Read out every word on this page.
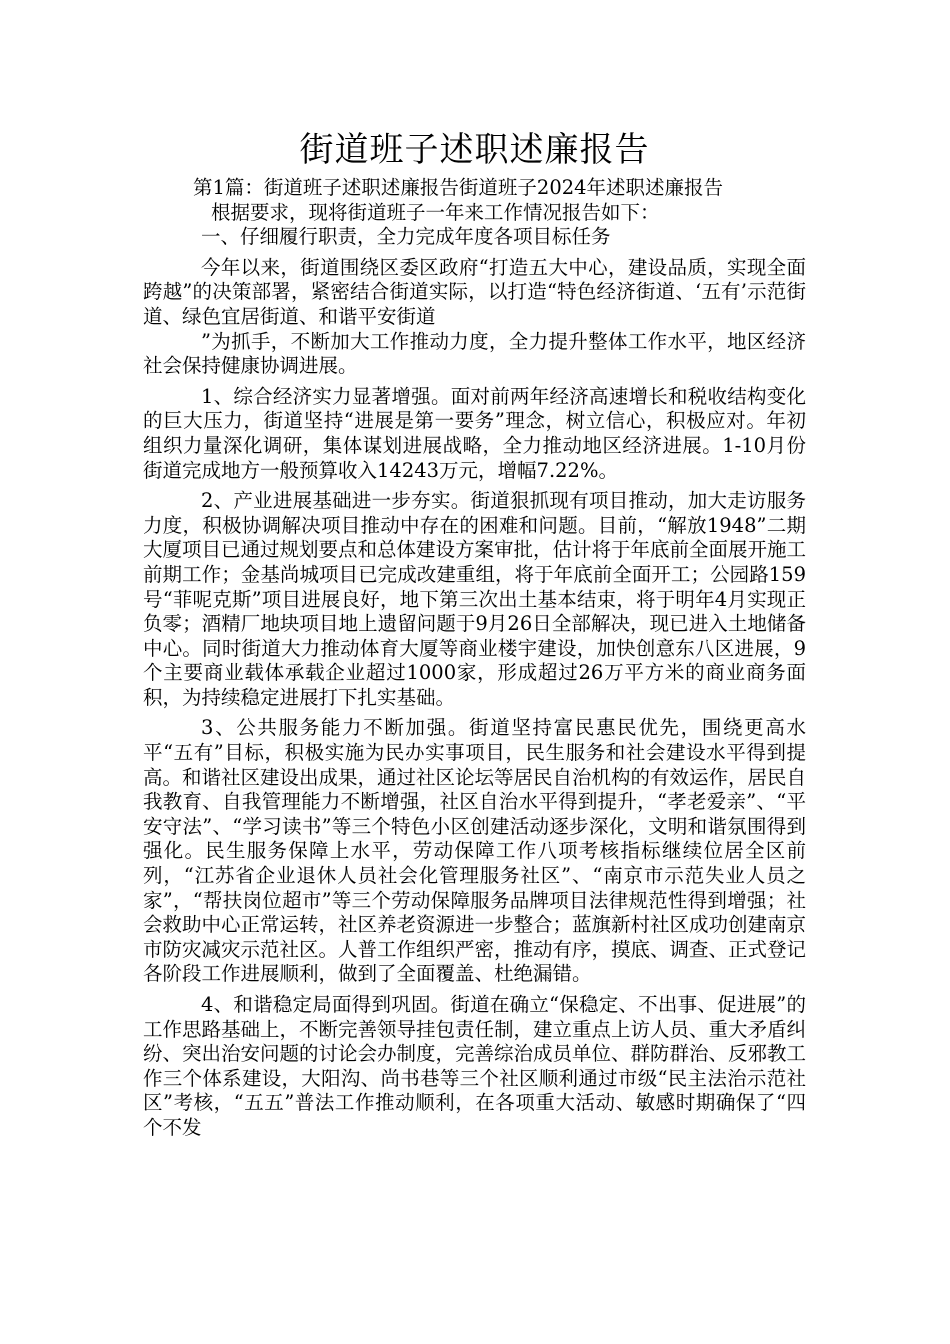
街道班子述职述廉报告

第1篇：街道班子述职述廉报告街道班子2024年述职述廉报告

根据要求，现将街道班子一年来工作情况报告如下：

一、仔细履行职责，全力完成年度各项目标任务

今年以来，街道围绕区委区政府“打造五大中心，建设品质，实现全面跨越”的决策部署，紧密结合街道实际，以打造“特色经济街道、‘五有’示范街道、绿色宜居街道、和谐平安街道

”为抓手，不断加大工作推动力度，全力提升整体工作水平，地区经济社会保持健康协调进展。

1、综合经济实力显著增强。面对前两年经济高速增长和税收结构变化的巨大压力，街道坚持“进展是第一要务”理念，树立信心，积极应对。年初组织力量深化调研，集体谋划进展战略，全力推动地区经济进展。1-10月份街道完成地方一般预算收入14243万元，增幅7.22%。

2、产业进展基础进一步夯实。街道狠抓现有项目推动，加大走访服务力度，积极协调解决项目推动中存在的困难和问题。目前，“解放1948”二期大厦项目已通过规划要点和总体建设方案审批，估计将于年底前全面展开施工前期工作；金基尚城项目已完成改建重组，将于年底前全面开工；公园路159号“菲呢克斯”项目进展良好，地下第三次出土基本结束，将于明年4月实现正负零；酒精厂地块项目地上遗留问题于9月26日全部解决，现已进入土地储备中心。同时街道大力推动体育大厦等商业楼宇建设，加快创意东八区进展，9个主要商业载体承载企业超过1000家，形成超过26万平方米的商业商务面积，为持续稳定进展打下扎实基础。

3、公共服务能力不断加强。街道坚持富民惠民优先，围绕更高水平“五有”目标，积极实施为民办实事项目，民生服务和社会建设水平得到提高。和谐社区建设出成果，通过社区论坛等居民自治机构的有效运作，居民自我教育、自我管理能力不断增强，社区自治水平得到提升，“孝老爱亲”、“平安守法”、“学习读书”等三个特色小区创建活动逐步深化，文明和谐氛围得到强化。民生服务保障上水平，劳动保障工作八项考核指标继续位居全区前列，“江苏省企业退休人员社会化管理服务社区”、“南京市示范失业人员之家”，“帮扶岗位超市”等三个劳动保障服务品牌项目法律规范性得到增强；社会救助中心正常运转，社区养老资源进一步整合；蓝旗新村社区成功创建南京市防灾减灾示范社区。人普工作组织严密，推动有序，摸底、调查、正式登记各阶段工作进展顺利，做到了全面覆盖、杜绝漏错。

4、和谐稳定局面得到巩固。街道在确立“保稳定、不出事、促进展”的工作思路基础上，不断完善领导挂包责任制，建立重点上访人员、重大矛盾纠纷、突出治安问题的讨论会办制度，完善综治成员单位、群防群治、反邪教工作三个体系建设，大阳沟、尚书巷等三个社区顺利通过市级“民主法治示范社区”考核，“五五”普法工作推动顺利，在各项重大活动、敏感时期确保了“四个不发
